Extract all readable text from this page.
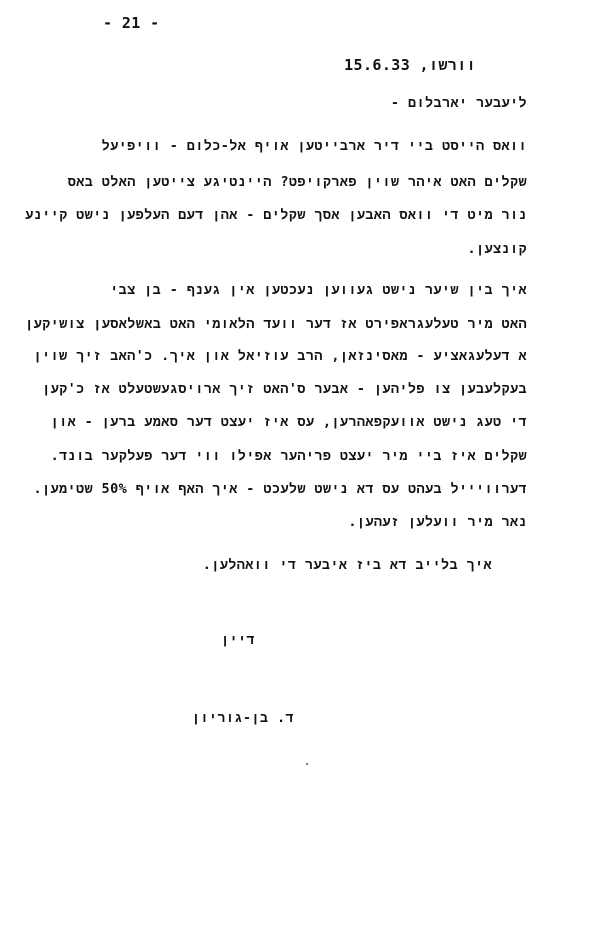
- 21 -
וורשו, 15.6.33
ליעבער יארבלום -
וואס הייסט ביי דיר ארבייטען אויף אל-כלום - וויפיעל
שקלים האט איהר שוין פארקויפט? היינטיגע צייטען האלט באס
נור מיט די וואס האבען אסך שקלים - אהן דעם העלפען נישט קיינע
קונצען.
איך בין שיער נישט געווען נעכטען אין גענף - בן צבי
האט מיר טעלעגראפירט אז דער וועד הלאומי האט באשלאסען צושיקען
א דעלעגאציע - מאסינזאן, הרב עוזיאל און איך. כ'האב זיך שוין
בעקלעבען צו פליהען - אבער ס'האט זיך ארויסגעשטעלט אז כ'קען
די טעג נישט אוועקפאהרען, עס איז יעצט דער סאמע ברען - און
שקלים איז ביי מיר יעצט פריהער אפילו ווי דער פעלקער בונד.
דערוויייל בעהט עס דא נישט שלעכט - איך האף אויף 50% שטימען.
נאר מיר וועלען זעהען.
איך בלייב דא ביז איבער די וואהלען.
דיין
ד. בן-גוריון
